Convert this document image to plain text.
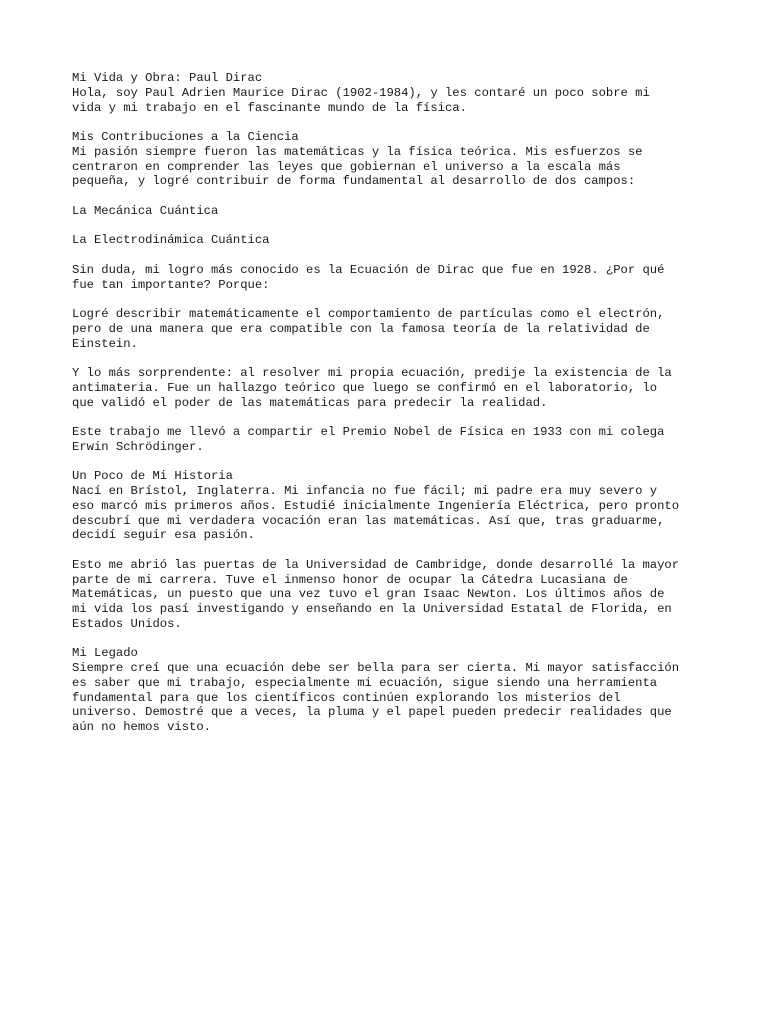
Mi Vida y Obra: Paul Dirac
Hola, soy Paul Adrien Maurice Dirac (1902-1984), y les contaré un poco sobre mi
vida y mi trabajo en el fascinante mundo de la física.
Mis Contribuciones a la Ciencia
Mi pasión siempre fueron las matemáticas y la física teórica. Mis esfuerzos se
centraron en comprender las leyes que gobiernan el universo a la escala más
pequeña, y logré contribuir de forma fundamental al desarrollo de dos campos:
La Mecánica Cuántica
La Electrodinámica Cuántica
Sin duda, mi logro más conocido es la Ecuación de Dirac que fue en 1928. ¿Por qué
fue tan importante? Porque:
Logré describir matemáticamente el comportamiento de partículas como el electrón,
pero de una manera que era compatible con la famosa teoría de la relatividad de
Einstein.
Y lo más sorprendente: al resolver mi propia ecuación, predije la existencia de la
antimateria. Fue un hallazgo teórico que luego se confirmó en el laboratorio, lo
que validó el poder de las matemáticas para predecir la realidad.
Este trabajo me llevó a compartir el Premio Nobel de Física en 1933 con mi colega
Erwin Schrödinger.
Un Poco de Mi Historia
Nací en Brístol, Inglaterra. Mi infancia no fue fácil; mi padre era muy severo y
eso marcó mis primeros años. Estudié inicialmente Ingeniería Eléctrica, pero pronto
descubrí que mi verdadera vocación eran las matemáticas. Así que, tras graduarme,
decidí seguir esa pasión.
Esto me abrió las puertas de la Universidad de Cambridge, donde desarrollé la mayor
parte de mi carrera. Tuve el inmenso honor de ocupar la Cátedra Lucasiana de
Matemáticas, un puesto que una vez tuvo el gran Isaac Newton. Los últimos años de
mi vida los pasí investigando y enseñando en la Universidad Estatal de Florida, en
Estados Unidos.
Mi Legado
Siempre creí que una ecuación debe ser bella para ser cierta. Mi mayor satisfacción
es saber que mi trabajo, especialmente mi ecuación, sigue siendo una herramienta
fundamental para que los científicos continúen explorando los misterios del
universo. Demostré que a veces, la pluma y el papel pueden predecir realidades que
aún no hemos visto.
